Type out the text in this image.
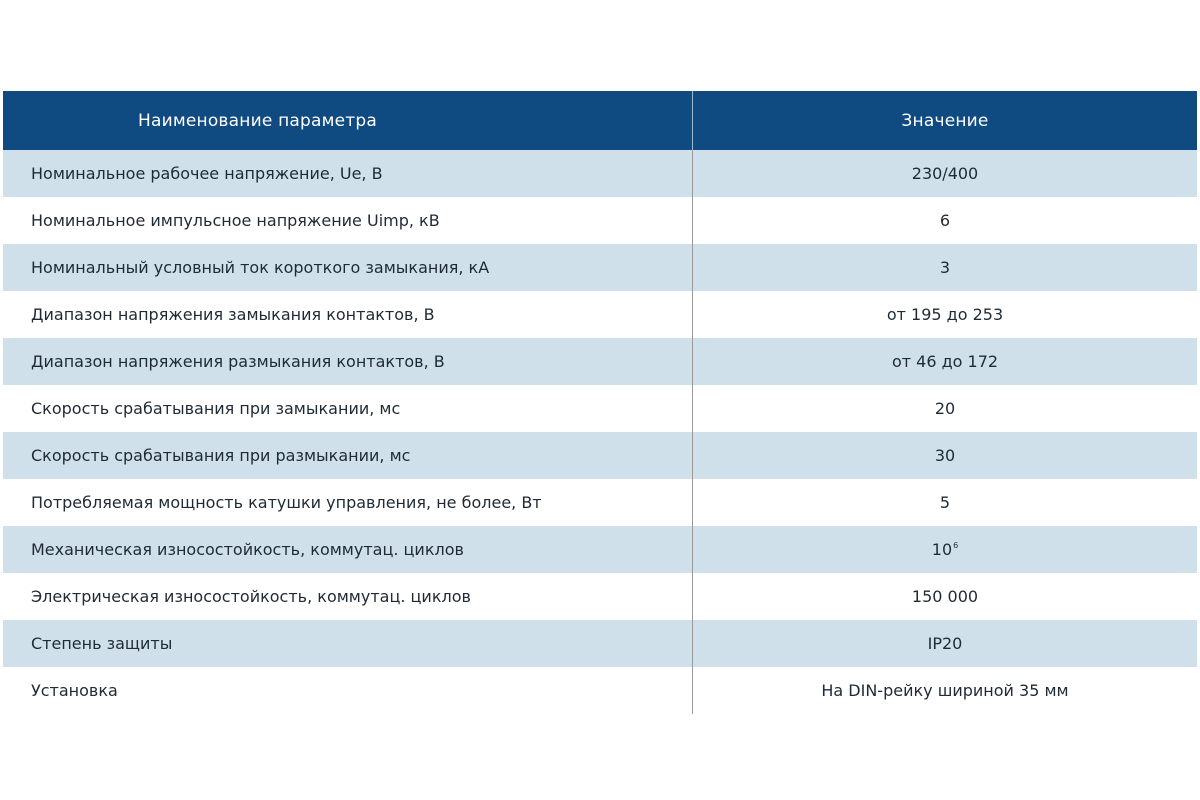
Наименование параметра	Значение
Номинальное рабочее напряжение, Ue, В	230/400
Номинальное импульсное напряжение Uimp, кВ	6
Номинальный условный ток короткого замыкания, кА	3
Диапазон напряжения замыкания контактов, В	от 195 до 253
Диапазон напряжения размыкания контактов, В	от 46 до 172
Скорость срабатывания при замыкании, мс	20
Скорость срабатывания при размыкании, мс	30
Потребляемая мощность катушки управления, не более, Вт	5
Механическая износостойкость, коммутац. циклов	$10^6$
Электрическая износостойкость, коммутац. циклов	150 000
Степень защиты	IP20
Установка	На DIN-рейку шириной 35 мм
